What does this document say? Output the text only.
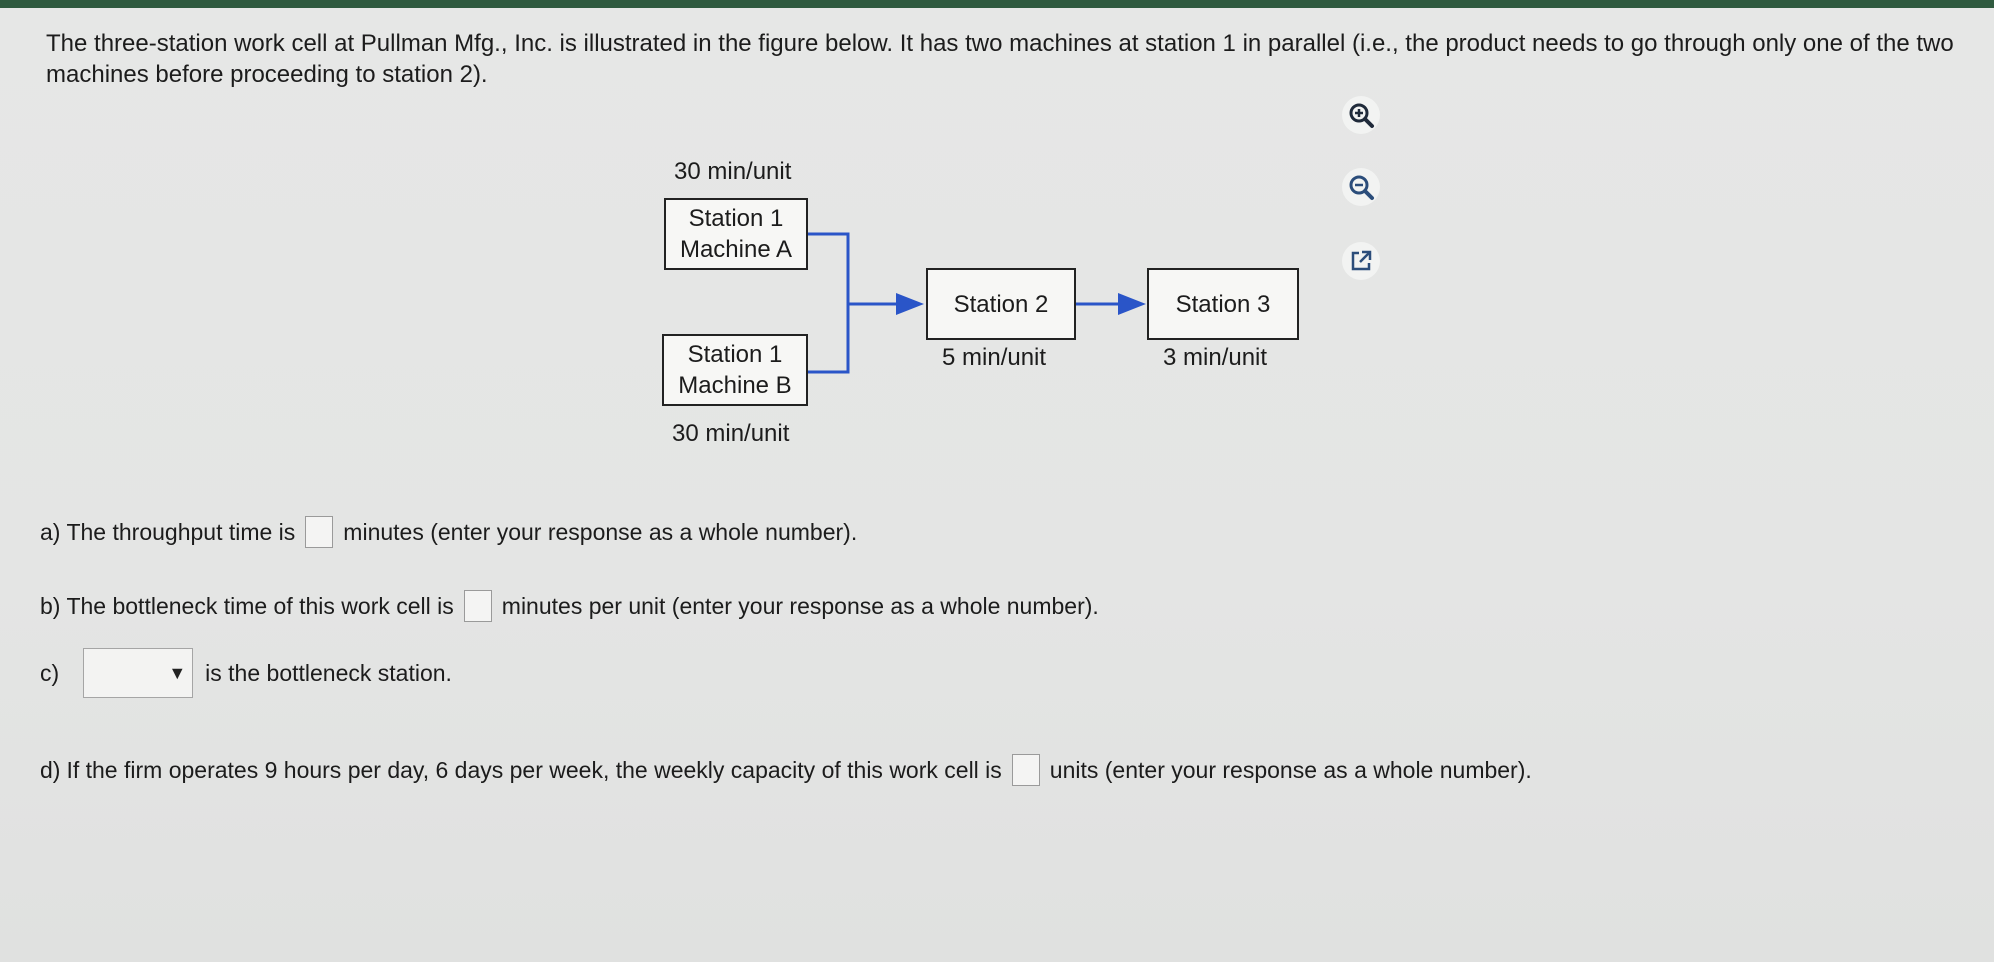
The three-station work cell at Pullman Mfg., Inc. is illustrated in the figure below. It has two machines at station 1 in parallel (i.e., the product needs to go through only one of the two machines before proceeding to station 2).

30 min/unit
Station 1
Machine A
Station 1
Machine B
30 min/unit
Station 2
5 min/unit
Station 3
3 min/unit
a) The throughput time is minutes (enter your response as a whole number).
b) The bottleneck time of this work cell is minutes per unit (enter your response as a whole number).
c)	▼ is the bottleneck station.
d) If the firm operates 9 hours per day, 6 days per week, the weekly capacity of this work cell is units (enter your response as a whole number).
